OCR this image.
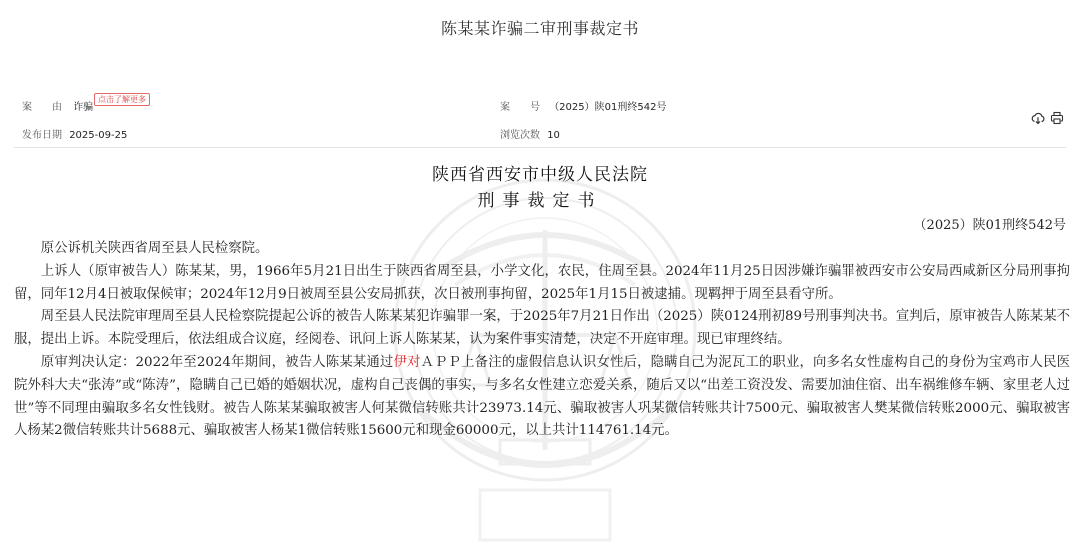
陈某某诈骗二审刑事裁定书
案　　由 诈骗
点击了解更多
案　　号 （2025）陕01刑终542号
发布日期 2025-09-25	浏览次数 10

陕西省西安市中级人民法院
刑事裁定书
（2025）陕01刑终542号

原公诉机关陕西省周至县人民检察院。

上诉人（原审被告人）陈某某，男，1966年5月21日出生于陕西省周至县，小学文化，农民，住周至县。2024年11月25日因涉嫌诈骗罪被西安市公安局西咸新区分局刑事拘留，同年12月4日被取保候审；2024年12月9日被周至县公安局抓获，次日被刑事拘留，2025年1月15日被逮捕。现羁押于周至县看守所。

周至县人民法院审理周至县人民检察院提起公诉的被告人陈某某犯诈骗罪一案，于2025年7月21日作出（2025）陕0124刑初89号刑事判决书。宣判后，原审被告人陈某某不服，提出上诉。本院受理后，依法组成合议庭，经阅卷、讯问上诉人陈某某，认为案件事实清楚，决定不开庭审理。现已审理终结。

原审判决认定：2022年至2024年期间，被告人陈某某通过伊对ＡＰＰ上备注的虚假信息认识女性后，隐瞒自己为泥瓦工的职业，向多名女性虚构自己的身份为宝鸡市人民医院外科大夫“张涛”或“陈涛”，隐瞒自己已婚的婚姻状况，虚构自己丧偶的事实，与多名女性建立恋爱关系，随后又以“出差工资没发、需要加油住宿、出车祸维修车辆、家里老人过世”等不同理由骗取多名女性钱财。被告人陈某某骗取被害人何某微信转账共计23973.14元、骗取被害人巩某微信转账共计7500元、骗取被害人樊某微信转账2000元、骗取被害人杨某2微信转账共计5688元、骗取被害人杨某1微信转账15600元和现金60000元，以上共计114761.14元。
